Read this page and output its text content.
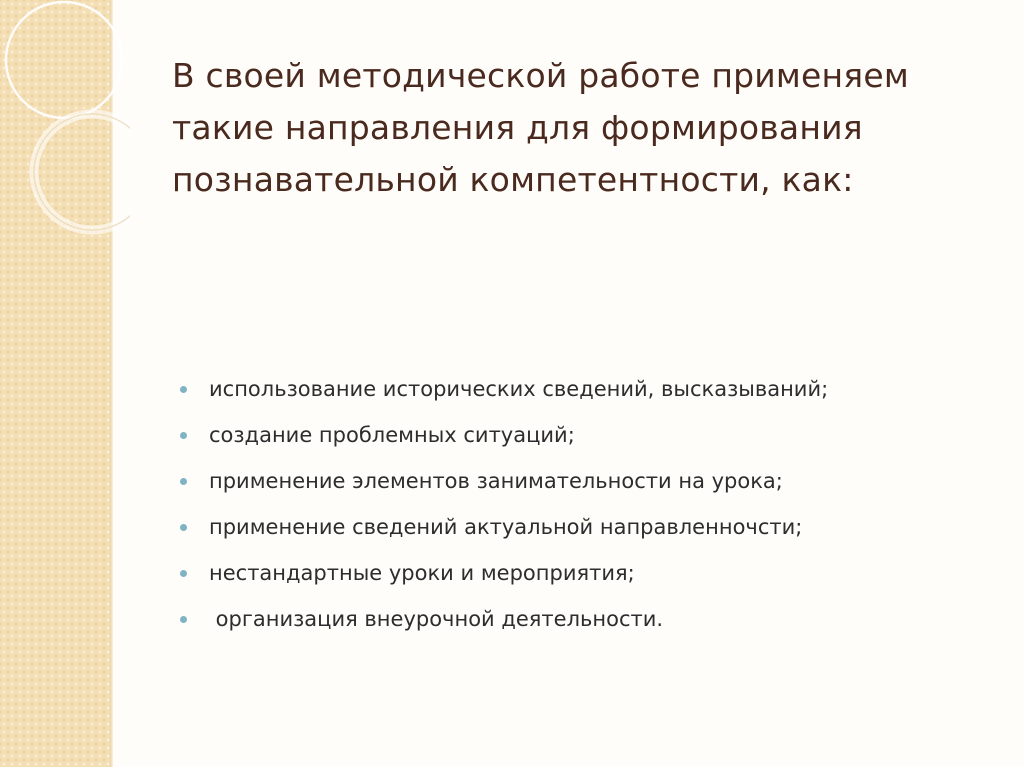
В своей методической работе применяем такие направления для формирования познавательной компетентности, как:
использование исторических сведений, высказываний;
создание проблемных ситуаций;
применение элементов занимательности на урока;
применение сведений актуальной направленночсти;
нестандартные уроки и мероприятия;
организация внеурочной деятельности.
